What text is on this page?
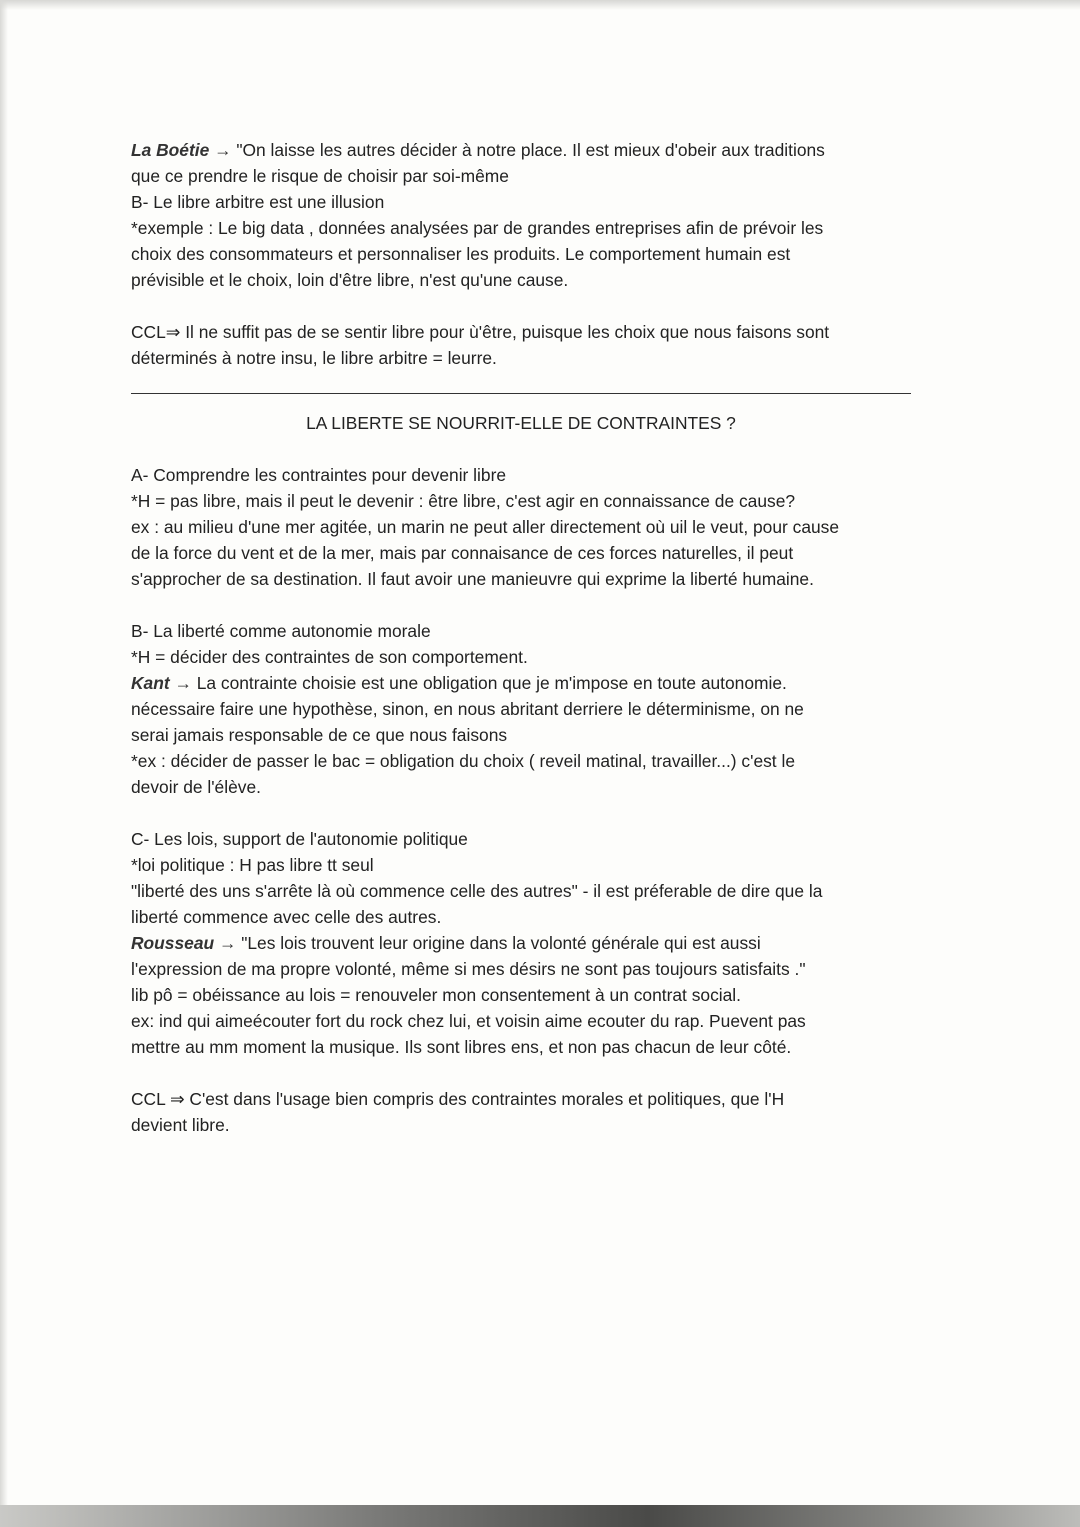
La Boétie → "On laisse les autres décider à notre place. Il est mieux d'obeir aux traditions
que ce prendre le risque de choisir par soi-même
B- Le libre arbitre est une illusion
*exemple : Le big data , données analysées par de grandes entreprises afin de prévoir les
choix des consommateurs et personnaliser les produits. Le comportement humain est
prévisible et le choix, loin d'être libre, n'est qu'une cause.
CCL⇒ Il ne suffit pas de se sentir libre pour ù'être, puisque les choix que nous faisons sont
déterminés à notre insu, le libre arbitre = leurre.
LA LIBERTE SE NOURRIT-ELLE DE CONTRAINTES ?
A- Comprendre les contraintes pour devenir libre
*H = pas libre, mais il peut le devenir : être libre, c'est agir en connaissance de cause?
ex : au milieu d'une mer agitée, un marin ne peut aller directement où uil le veut, pour cause
de la force du vent et de la mer, mais par connaisance de ces forces naturelles, il peut
s'approcher de sa destination. Il faut avoir une manieuvre qui exprime la liberté humaine.
B- La liberté comme autonomie morale
*H = décider des contraintes de son comportement.
Kant → La contrainte choisie est une obligation que je m'impose en toute autonomie.
nécessaire faire une hypothèse, sinon, en nous abritant derriere le déterminisme, on ne
serai jamais responsable de ce que nous faisons
*ex : décider de passer le bac = obligation du choix ( reveil matinal, travailler...) c'est le
devoir de l'élève.
C- Les lois, support de l'autonomie politique
*loi politique : H pas libre tt seul
"liberté des uns s'arrête là où commence celle des autres" - il est préferable de dire que la
liberté commence avec celle des autres.
Rousseau → "Les lois trouvent leur origine dans la volonté générale qui est aussi
l'expression de ma propre volonté, même si mes désirs ne sont pas toujours satisfaits ."
lib pô = obéissance au lois = renouveler mon consentement à un contrat social.
ex: ind qui aimeécouter fort du rock chez lui, et voisin aime ecouter du rap. Puevent pas
mettre au mm moment la musique. Ils sont libres ens, et non pas chacun de leur côté.
CCL ⇒ C'est dans l'usage bien compris des contraintes morales et politiques, que l'H
devient libre.
